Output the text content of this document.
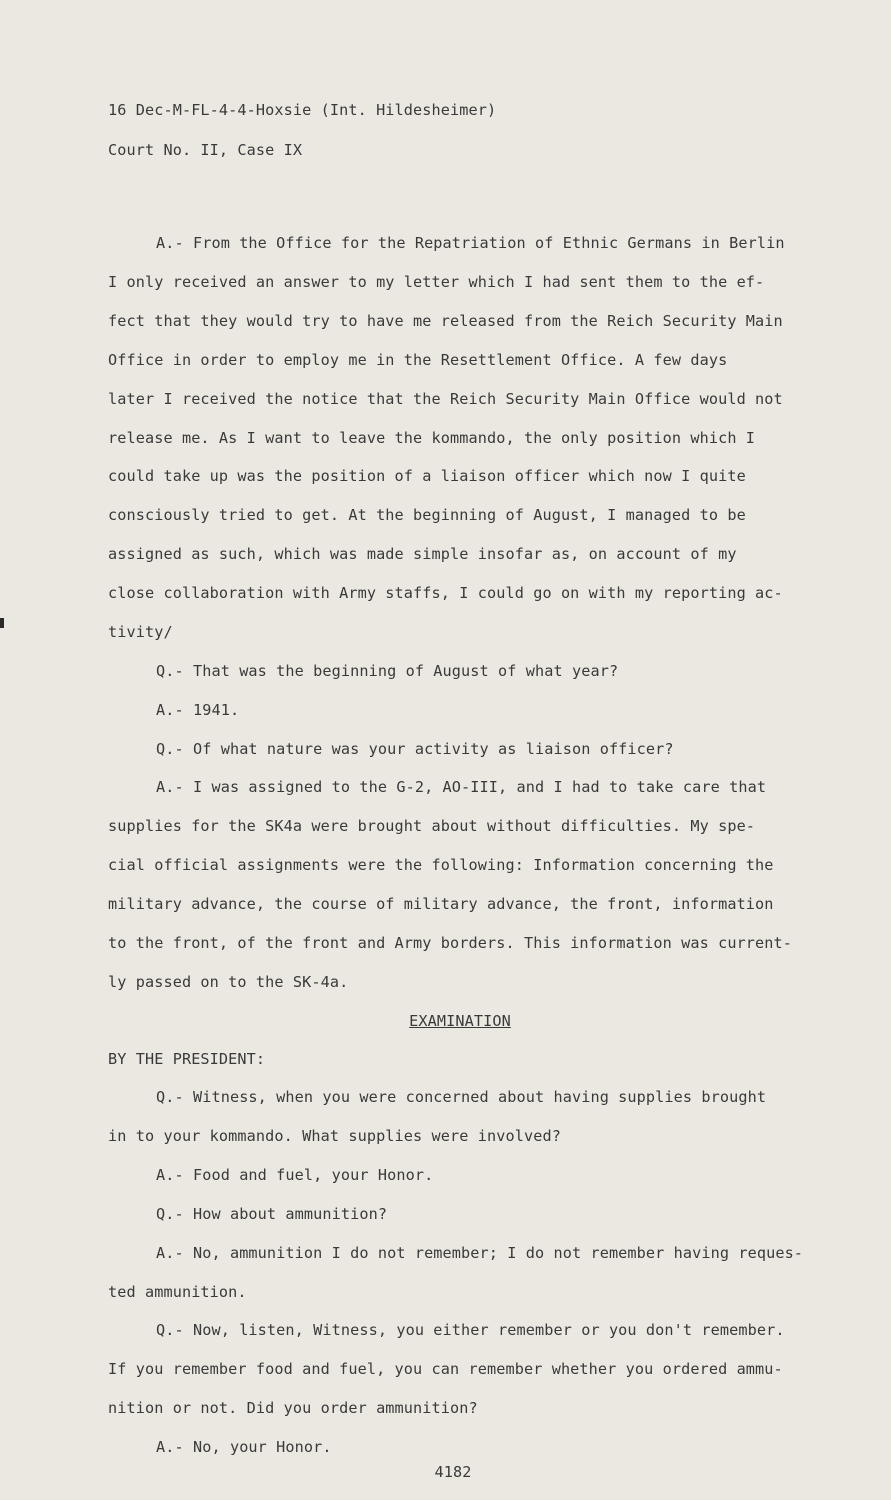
16 Dec-M-FL-4-4-Hoxsie (Int. Hildesheimer)
Court No. II, Case IX
A.- From the Office for the Repatriation of Ethnic Germans in Berlin
I only received an answer to my letter which I had sent them to the ef-
fect that they would try to have me released from the Reich Security Main
Office in order to employ me in the Resettlement Office. A few days
later I received the notice that the Reich Security Main Office would not
release me. As I want to leave the kommando, the only position which I
could take up was the position of a liaison officer which now I quite
consciously tried to get. At the beginning of August, I managed to be
assigned as such, which was made simple insofar as, on account of my
close collaboration with Army staffs, I could go on with my reporting ac-
tivity/
Q.- That was the beginning of August of what year?
A.- 1941.
Q.- Of what nature was your activity as liaison officer?
A.- I was assigned to the G-2, AO-III, and I had to take care that
supplies for the SK4a were brought about without difficulties. My spe-
cial official assignments were the following: Information concerning the
military advance, the course of military advance, the front, information
to the front, of the front and Army borders. This information was current-
ly passed on to the SK-4a.
EXAMINATION
BY THE PRESIDENT:
Q.- Witness, when you were concerned about having supplies brought
in to your kommando. What supplies were involved?
A.- Food and fuel, your Honor.
Q.- How about ammunition?
A.- No, ammunition I do not remember; I do not remember having reques-
ted ammunition.
Q.- Now, listen, Witness, you either remember or you don't remember.
If you remember food and fuel, you can remember whether you ordered ammu-
nition or not. Did you order ammunition?
A.- No, your Honor.
4182
